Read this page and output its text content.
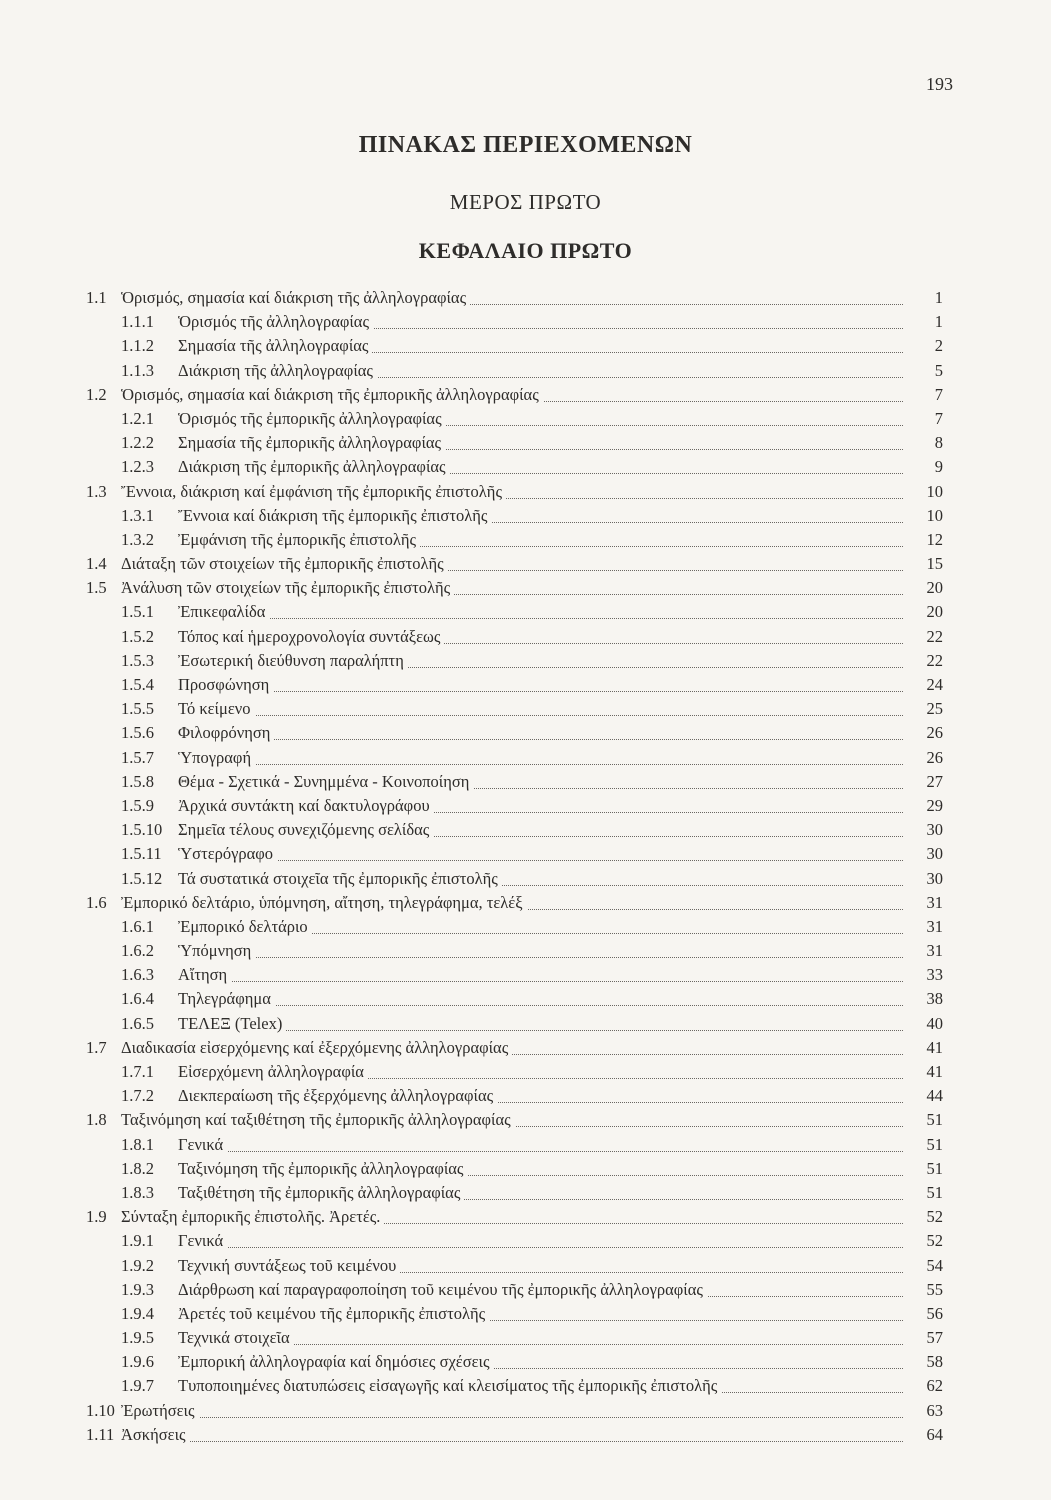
193
ΠΙΝΑΚΑΣ ΠΕΡΙΕΧΟΜΕΝΩΝ
ΜΕΡΟΣ ΠΡΩΤΟ
ΚΕΦΑΛΑΙΟ ΠΡΩΤΟ
1.1 Ὁρισμός, σημασία καί διάκριση τῆς ἀλληλογραφίας	1
1.1.1 Ὁρισμός τῆς ἀλληλογραφίας	1
1.1.2 Σημασία τῆς ἀλληλογραφίας	2
1.1.3 Διάκριση τῆς ἀλληλογραφίας	5
1.2 Ὁρισμός, σημασία καί διάκριση τῆς ἐμπορικῆς ἀλληλογραφίας	7
1.2.1 Ὁρισμός τῆς ἐμπορικῆς ἀλληλογραφίας	7
1.2.2 Σημασία τῆς ἐμπορικῆς ἀλληλογραφίας	8
1.2.3 Διάκριση τῆς ἐμπορικῆς ἀλληλογραφίας	9
1.3 Ἔννοια, διάκριση καί ἐμφάνιση τῆς ἐμπορικῆς ἐπιστολῆς	10
1.3.1 Ἔννοια καί διάκριση τῆς ἐμπορικῆς ἐπιστολῆς	10
1.3.2 Ἐμφάνιση τῆς ἐμπορικῆς ἐπιστολῆς	12
1.4 Διάταξη τῶν στοιχείων τῆς ἐμπορικῆς ἐπιστολῆς	15
1.5 Ἀνάλυση τῶν στοιχείων τῆς ἐμπορικῆς ἐπιστολῆς	20
1.5.1 Ἐπικεφαλίδα	20
1.5.2 Τόπος καί ἡμεροχρονολογία συντάξεως	22
1.5.3 Ἐσωτερική διεύθυνση παραλήπτη	22
1.5.4 Προσφώνηση	24
1.5.5 Τό κείμενο	25
1.5.6 Φιλοφρόνηση	26
1.5.7 Ὑπογραφή	26
1.5.8 Θέμα - Σχετικά - Συνημμένα - Κοινοποίηση	27
1.5.9 Ἀρχικά συντάκτη καί δακτυλογράφου	29
1.5.10 Σημεῖα τέλους συνεχιζόμενης σελίδας	30
1.5.11 Ὑστερόγραφο	30
1.5.12 Τά συστατικά στοιχεῖα τῆς ἐμπορικῆς ἐπιστολῆς	30
1.6 Ἐμπορικό δελτάριο, ὑπόμνηση, αἴτηση, τηλεγράφημα, τελέξ	31
1.6.1 Ἐμπορικό δελτάριο	31
1.6.2 Ὑπόμνηση	31
1.6.3 Αἴτηση	33
1.6.4 Τηλεγράφημα	38
1.6.5 ΤΕΛΕΞ (Telex)	40
1.7 Διαδικασία εἰσερχόμενης καί ἐξερχόμενης ἀλληλογραφίας	41
1.7.1 Εἰσερχόμενη ἀλληλογραφία	41
1.7.2 Διεκπεραίωση τῆς ἐξερχόμενης ἀλληλογραφίας	44
1.8 Ταξινόμηση καί ταξιθέτηση τῆς ἐμπορικῆς ἀλληλογραφίας	51
1.8.1 Γενικά	51
1.8.2 Ταξινόμηση τῆς ἐμπορικῆς ἀλληλογραφίας	51
1.8.3 Ταξιθέτηση τῆς ἐμπορικῆς ἀλληλογραφίας	51
1.9 Σύνταξη ἐμπορικῆς ἐπιστολῆς. Ἀρετές.	52
1.9.1 Γενικά	52
1.9.2 Τεχνική συντάξεως τοῦ κειμένου	54
1.9.3 Διάρθρωση καί παραγραφοποίηση τοῦ κειμένου τῆς ἐμπορικῆς ἀλληλογραφίας	55
1.9.4 Ἀρετές τοῦ κειμένου τῆς ἐμπορικῆς ἐπιστολῆς	56
1.9.5 Τεχνικά στοιχεῖα	57
1.9.6 Ἐμπορική ἀλληλογραφία καί δημόσιες σχέσεις	58
1.9.7 Τυποποιημένες διατυπώσεις εἰσαγωγῆς καί κλεισίματος τῆς ἐμπορικῆς ἐπιστολῆς	62
1.10 Ἐρωτήσεις	63
1.11 Ἀσκήσεις	64
